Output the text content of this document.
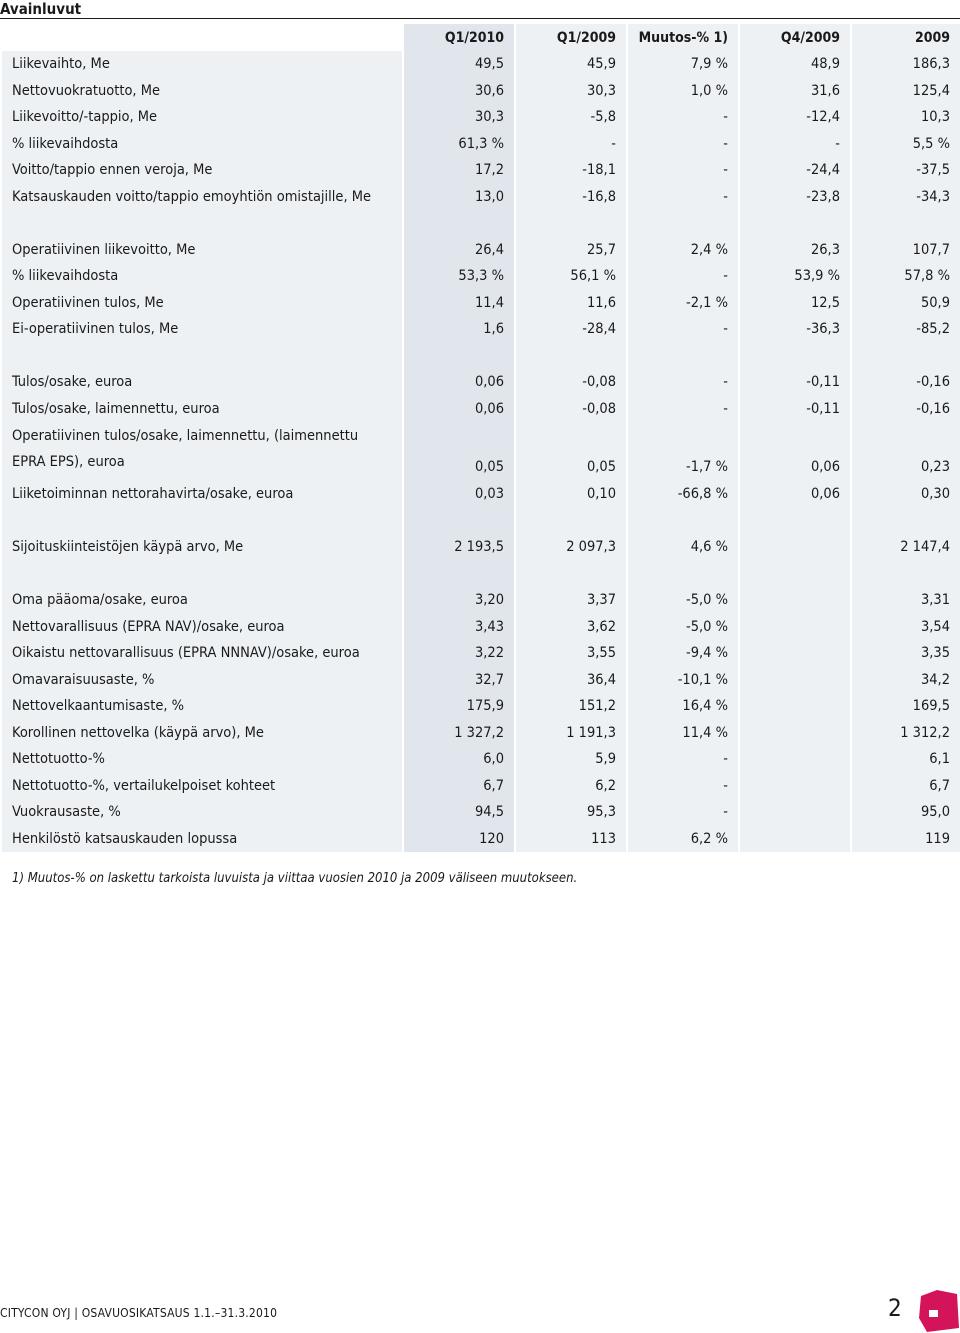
Avainluvut
	Q1/2010	Q1/2009	Muutos-% 1)	Q4/2009	2009
Liikevaihto, Me	49,5	45,9	7,9 %	48,9	186,3
Nettovuokratuotto, Me	30,6	30,3	1,0 %	31,6	125,4
Liikevoitto/-tappio, Me	30,3	-5,8	-	-12,4	10,3
% liikevaihdosta	61,3 %	-	-	-	5,5 %
Voitto/tappio ennen veroja, Me	17,2	-18,1	-	-24,4	-37,5
Katsauskauden voitto/tappio emoyhtiön omistajille, Me	13,0	-16,8	-	-23,8	-34,3

Operatiivinen liikevoitto, Me	26,4	25,7	2,4 %	26,3	107,7
% liikevaihdosta	53,3 %	56,1 %	-	53,9 %	57,8 %
Operatiivinen tulos, Me	11,4	11,6	-2,1 %	12,5	50,9
Ei-operatiivinen tulos, Me	1,6	-28,4	-	-36,3	-85,2

Tulos/osake, euroa	0,06	-0,08	-	-0,11	-0,16
Tulos/osake, laimennettu, euroa	0,06	-0,08	-	-0,11	-0,16
Operatiivinen tulos/osake, laimennettu, (laimennettu EPRA EPS), euroa	0,05	0,05	-1,7 %	0,06	0,23
Liiketoiminnan nettorahavirta/osake, euroa	0,03	0,10	-66,8 %	0,06	0,30

Sijoituskiinteistöjen käypä arvo, Me	2 193,5	2 097,3	4,6 %		2 147,4

Oma pääoma/osake, euroa	3,20	3,37	-5,0 %		3,31
Nettovarallisuus (EPRA NAV)/osake, euroa	3,43	3,62	-5,0 %		3,54
Oikaistu nettovarallisuus (EPRA NNNAV)/osake, euroa	3,22	3,55	-9,4 %		3,35
Omavaraisuusaste, %	32,7	36,4	-10,1 %		34,2
Nettovelkaantumisaste, %	175,9	151,2	16,4 %		169,5
Korollinen nettovelka (käypä arvo), Me	1 327,2	1 191,3	11,4 %		1 312,2
Nettotuotto-%	6,0	5,9	-		6,1
Nettotuotto-%, vertailukelpoiset kohteet	6,7	6,2	-		6,7
Vuokrausaste, %	94,5	95,3	-		95,0
Henkilöstö katsauskauden lopussa	120	113	6,2 %		119
1) Muutos-% on laskettu tarkoista luvuista ja viittaa vuosien 2010 ja 2009 väliseen muutokseen.
CITYCON OYJ | OSAVUOSIKATSAUS 1.1.–31.3.2010	2
